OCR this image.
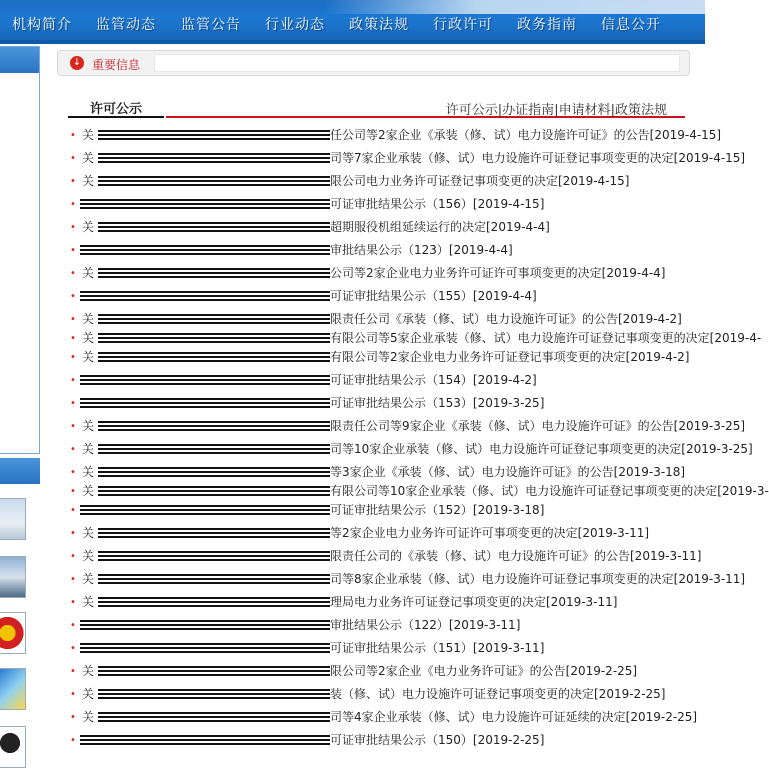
机构简介 监管动态 监管公告 行业动态 政策法规 行政许可 政务指南 信息公开
↓ 重要信息
许可公示	许可公示|办证指南|申请材料|政策法规
• 关	任公司等2家企业《承装（修、试）电力设施许可证》的公告[2019-4-15]
• 关	司等7家企业承装（修、试）电力设施许可证登记事项变更的决定[2019-4-15]
• 关	限公司电力业务许可证登记事项变更的决定[2019-4-15]
•	可证审批结果公示（156）[2019-4-15]
• 关	超期服役机组延续运行的决定[2019-4-4]
•	审批结果公示（123）[2019-4-4]
• 关	公司等2家企业电力业务许可证许可事项变更的决定[2019-4-4]
•	可证审批结果公示（155）[2019-4-4]
• 关	限责任公司《承装（修、试）电力设施许可证》的公告[2019-4-2]
• 关	有限公司等5家企业承装（修、试）电力设施许可证登记事项变更的决定[2019-4-
• 关	有限公司等2家企业电力业务许可证登记事项变更的决定[2019-4-2]
•	可证审批结果公示（154）[2019-4-2]
•	可证审批结果公示（153）[2019-3-25]
• 关	限责任公司等9家企业《承装（修、试）电力设施许可证》的公告[2019-3-25]
• 关	司等10家企业承装（修、试）电力设施许可证登记事项变更的决定[2019-3-25]
• 关	等3家企业《承装（修、试）电力设施许可证》的公告[2019-3-18]
• 关	有限公司等10家企业承装（修、试）电力设施许可证登记事项变更的决定[2019-3-
•	可证审批结果公示（152）[2019-3-18]
• 关	等2家企业电力业务许可证许可事项变更的决定[2019-3-11]
• 关	限责任公司的《承装（修、试）电力设施许可证》的公告[2019-3-11]
• 关	司等8家企业承装（修、试）电力设施许可证登记事项变更的决定[2019-3-11]
• 关	理局电力业务许可证登记事项变更的决定[2019-3-11]
•	审批结果公示（122）[2019-3-11]
•	可证审批结果公示（151）[2019-3-11]
• 关	限公司等2家企业《电力业务许可证》的公告[2019-2-25]
• 关	装（修、试）电力设施许可证登记事项变更的决定[2019-2-25]
• 关	司等4家企业承装（修、试）电力设施许可证延续的决定[2019-2-25]
•	可证审批结果公示（150）[2019-2-25]
